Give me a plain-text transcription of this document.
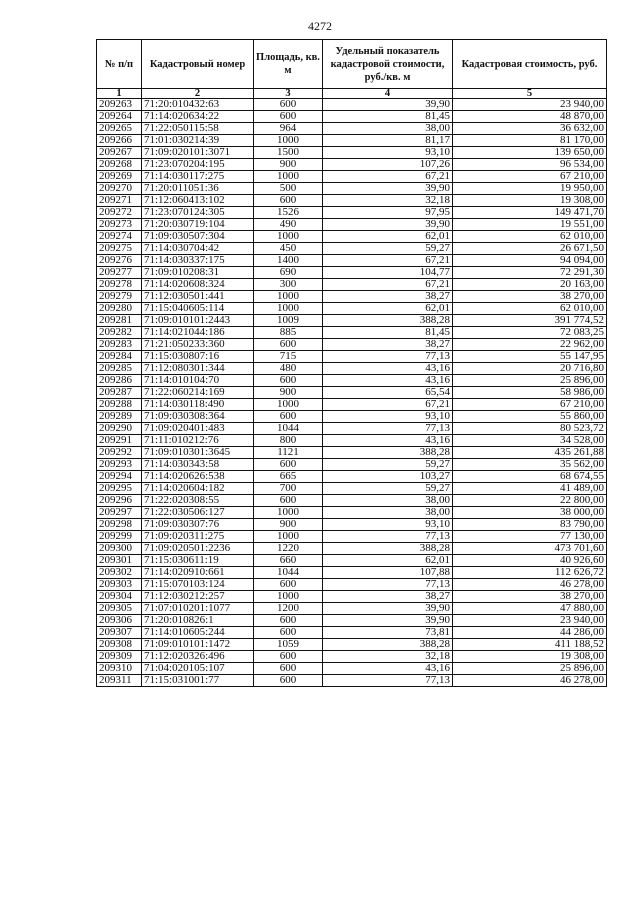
4272
№ п/п	Кадастровый номер	Площадь, кв. м	Удельный показатель кадастровой стоимости, руб./кв. м	Кадастровая стоимость, руб.
1	2	3	4	5
209263	71:20:010432:63	600	39,90	23 940,00
209264	71:14:020634:22	600	81,45	48 870,00
209265	71:22:050115:58	964	38,00	36 632,00
209266	71:01:030214:39	1000	81,17	81 170,00
209267	71:09:020101:3071	1500	93,10	139 650,00
209268	71:23:070204:195	900	107,26	96 534,00
209269	71:14:030117:275	1000	67,21	67 210,00
209270	71:20:011051:36	500	39,90	19 950,00
209271	71:12:060413:102	600	32,18	19 308,00
209272	71:23:070124:305	1526	97,95	149 471,70
209273	71:20:030719:104	490	39,90	19 551,00
209274	71:09:030507:304	1000	62,01	62 010,00
209275	71:14:030704:42	450	59,27	26 671,50
209276	71:14:030337:175	1400	67,21	94 094,00
209277	71:09:010208:31	690	104,77	72 291,30
209278	71:14:020608:324	300	67,21	20 163,00
209279	71:12:030501:441	1000	38,27	38 270,00
209280	71:15:040605:114	1000	62,01	62 010,00
209281	71:09:010101:2443	1009	388,28	391 774,52
209282	71:14:021044:186	885	81,45	72 083,25
209283	71:21:050233:360	600	38,27	22 962,00
209284	71:15:030807:16	715	77,13	55 147,95
209285	71:12:080301:344	480	43,16	20 716,80
209286	71:14:010104:70	600	43,16	25 896,00
209287	71:22:060214:169	900	65,54	58 986,00
209288	71:14:030118:490	1000	67,21	67 210,00
209289	71:09:030308:364	600	93,10	55 860,00
209290	71:09:020401:483	1044	77,13	80 523,72
209291	71:11:010212:76	800	43,16	34 528,00
209292	71:09:010301:3645	1121	388,28	435 261,88
209293	71:14:030343:58	600	59,27	35 562,00
209294	71:14:020626:538	665	103,27	68 674,55
209295	71:14:020604:182	700	59,27	41 489,00
209296	71:22:020308:55	600	38,00	22 800,00
209297	71:22:030506:127	1000	38,00	38 000,00
209298	71:09:030307:76	900	93,10	83 790,00
209299	71:09:020311:275	1000	77,13	77 130,00
209300	71:09:020501:2236	1220	388,28	473 701,60
209301	71:15:030611:19	660	62,01	40 926,60
209302	71:14:020910:661	1044	107,88	112 626,72
209303	71:15:070103:124	600	77,13	46 278,00
209304	71:12:030212:257	1000	38,27	38 270,00
209305	71:07:010201:1077	1200	39,90	47 880,00
209306	71:20:010826:1	600	39,90	23 940,00
209307	71:14:010605:244	600	73,81	44 286,00
209308	71:09:010101:1472	1059	388,28	411 188,52
209309	71:12:020326:496	600	32,18	19 308,00
209310	71:04:020105:107	600	43,16	25 896,00
209311	71:15:031001:77	600	77,13	46 278,00
